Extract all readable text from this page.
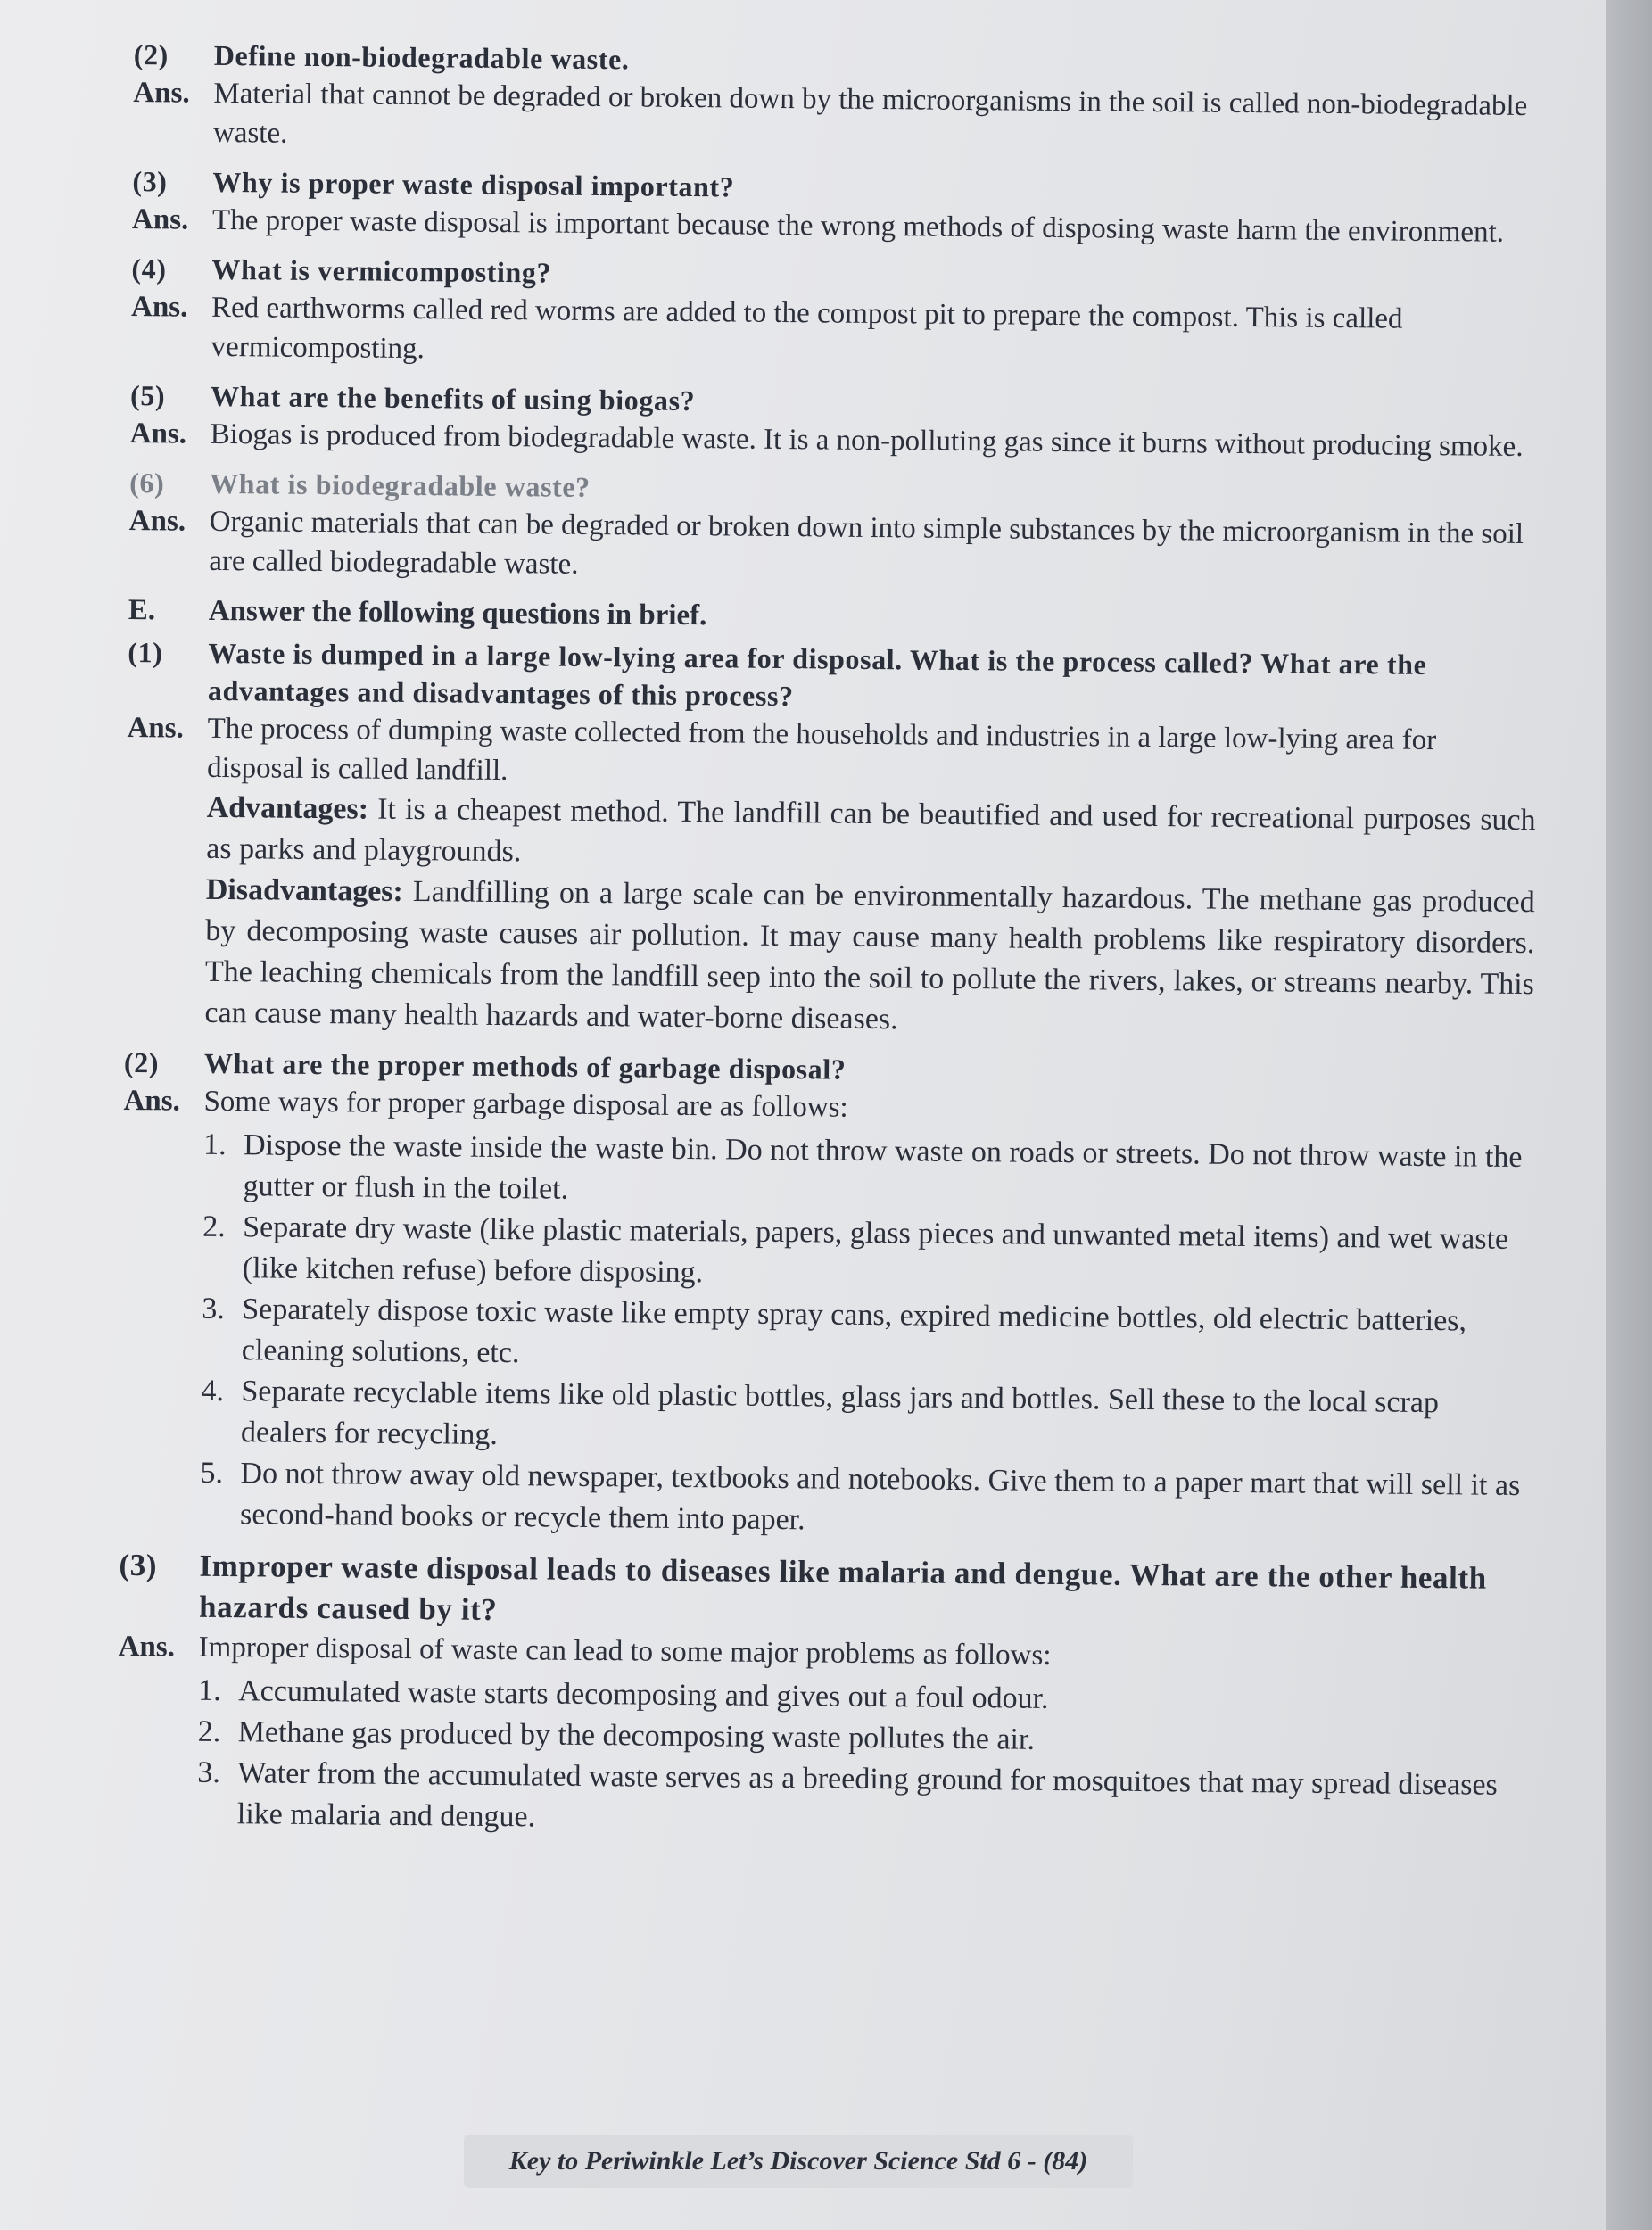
(2) Define non-biodegradable waste.
Ans. Material that cannot be degraded or broken down by the microorganisms in the soil is called non-biodegradable waste.
(3) Why is proper waste disposal important?
Ans. The proper waste disposal is important because the wrong methods of disposing waste harm the environment.
(4) What is vermicomposting?
Ans. Red earthworms called red worms are added to the compost pit to prepare the compost. This is called vermicomposting.
(5) What are the benefits of using biogas?
Ans. Biogas is produced from biodegradable waste. It is a non-polluting gas since it burns without producing smoke.
(6) What is biodegradable waste?
Ans. Organic materials that can be degraded or broken down into simple substances by the microorganism in the soil are called biodegradable waste.
E. Answer the following questions in brief.
(1) Waste is dumped in a large low-lying area for disposal. What is the process called? What are the advantages and disadvantages of this process?
Ans. The process of dumping waste collected from the households and industries in a large low-lying area for disposal is called landfill.
Advantages: It is a cheapest method. The landfill can be beautified and used for recreational purposes such as parks and playgrounds.
Disadvantages: Landfilling on a large scale can be environmentally hazardous. The methane gas produced by decomposing waste causes air pollution. It may cause many health problems like respiratory disorders. The leaching chemicals from the landfill seep into the soil to pollute the rivers, lakes, or streams nearby. This can cause many health hazards and water-borne diseases.
(2) What are the proper methods of garbage disposal?
Ans. Some ways for proper garbage disposal are as follows:
1. Dispose the waste inside the waste bin. Do not throw waste on roads or streets. Do not throw waste in the gutter or flush in the toilet.
2. Separate dry waste (like plastic materials, papers, glass pieces and unwanted metal items) and wet waste (like kitchen refuse) before disposing.
3. Separately dispose toxic waste like empty spray cans, expired medicine bottles, old electric batteries, cleaning solutions, etc.
4. Separate recyclable items like old plastic bottles, glass jars and bottles. Sell these to the local scrap dealers for recycling.
5. Do not throw away old newspaper, textbooks and notebooks. Give them to a paper mart that will sell it as second-hand books or recycle them into paper.
(3) Improper waste disposal leads to diseases like malaria and dengue. What are the other health hazards caused by it?
Ans. Improper disposal of waste can lead to some major problems as follows:
1. Accumulated waste starts decomposing and gives out a foul odour.
2. Methane gas produced by the decomposing waste pollutes the air.
3. Water from the accumulated waste serves as a breeding ground for mosquitoes that may spread diseases like malaria and dengue.
Key to Periwinkle Let’s Discover Science Std 6 - (84)
